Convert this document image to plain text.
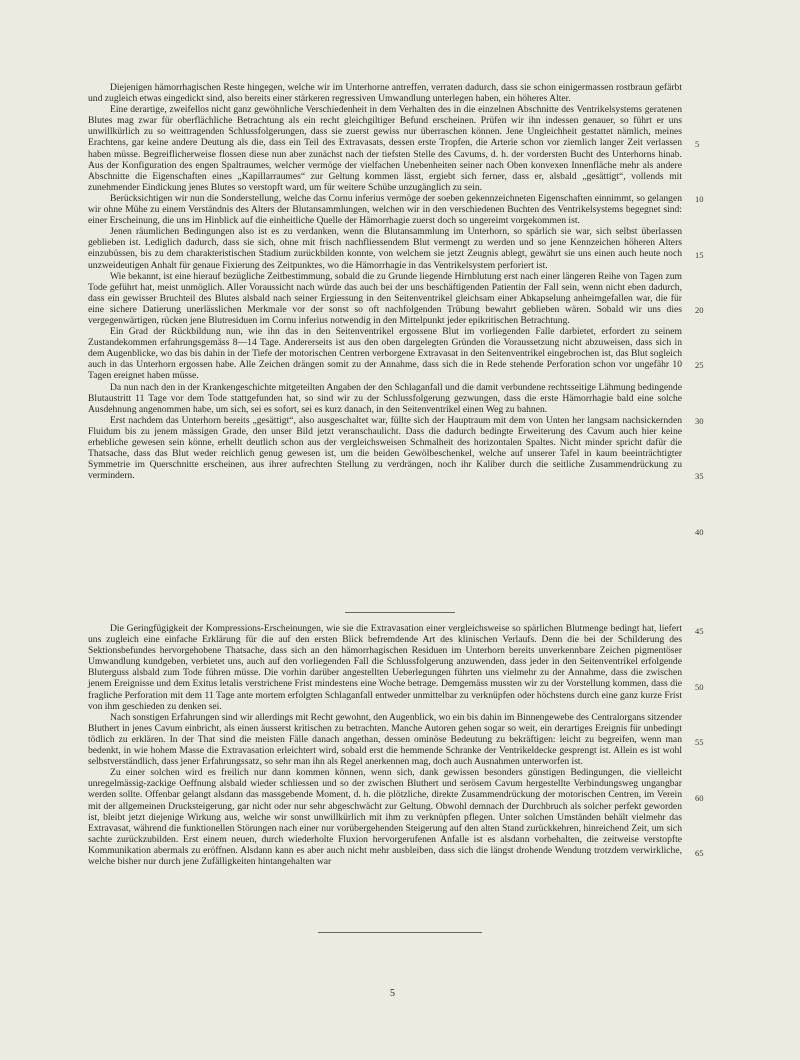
Diejenigen hämorrhagischen Reste hingegen, welche wir im Unterhorne antreffen, verraten dadurch, dass sie schon einigermassen rostbraun gefärbt und zugleich etwas eingedickt sind, also bereits einer stärkeren regressiven Umwandlung unterlegen haben, ein höheres Alter.

Eine derartige, zweifellos nicht ganz gewöhnliche Verschiedenheit in dem Verhalten des in die einzelnen Abschnitte des Ventrikelsystems geratenen Blutes mag zwar für oberflächliche Betrachtung als ein recht gleichgiltiger Befund erscheinen. Prüfen wir ihn indessen genauer, so führt er uns unwillkürlich zu so weittragenden Schlussfolgerungen, dass sie zuerst gewiss nur überraschen können. Jene Ungleichheit gestattet nämlich, meines Erachtens, gar keine andere Deutung als die, dass ein Teil des Extravasats, dessen erste Tropfen, die Arterie schon vor ziemlich langer Zeit verlassen haben müsse. Begreiflicherweise flossen diese nun aber zunächst nach der tiefsten Stelle des Cavums, d. h. der vordersten Bucht des Unterhorns hinab. Aus der Konfiguration des engen Spaltraumes, welcher vermöge der vielfachen Unebenheiten seiner nach Oben konvexen Innenfläche mehr als andere Abschnitte die Eigenschaften eines „Kapillarraumes“ zur Geltung kommen lässt, ergiebt sich ferner, dass er, alsbald „gesättigt“, vollends mit zunehmender Eindickung jenes Blutes so verstopft ward, um für weitere Schübe unzugänglich zu sein.

Berücksichtigen wir nun die Sonderstellung, welche das Cornu inferius vermöge der soeben gekennzeichneten Eigenschaften einnimmt, so gelangen wir ohne Mühe zu einem Verständnis des Alters der Blutansammlungen, welchen wir in den verschiedenen Buchten des Ventrikelsystems begegnet sind: einer Erscheinung, die uns im Hinblick auf die einheitliche Quelle der Hämorrhagie zuerst doch so ungereimt vorgekommen ist.

Jenen räumlichen Bedingungen also ist es zu verdanken, wenn die Blutansammlung im Unterhorn, so spärlich sie war, sich selbst überlassen geblieben ist. Lediglich dadurch, dass sie sich, ohne mit frisch nachfliessendem Blut vermengt zu werden und so jene Kennzeichen höheren Alters einzubüssen, bis zu dem charakteristischen Stadium zurückbilden konnte, von welchem sie jetzt Zeugnis ablegt, gewährt sie uns einen auch heute noch unzweideutigen Anhalt für genaue Fixierung des Zeitpunktes, wo die Hämorrhagie in das Ventrikelsystem perforiert ist.

Wie bekannt, ist eine hierauf bezügliche Zeitbestimmung, sobald die zu Grunde liegende Hirnblutung erst nach einer längeren Reihe von Tagen zum Tode geführt hat, meist unmöglich. Aller Voraussicht nach würde das auch bei der uns beschäftigenden Patientin der Fall sein, wenn nicht eben dadurch, dass ein gewisser Bruchteil des Blutes alsbald nach seiner Ergiessung in den Seitenventrikel gleichsam einer Abkapselung anheimgefallen war, die für eine sichere Datierung unerlässlichen Merkmale vor der sonst so oft nachfolgenden Trübung bewahrt geblieben wären. Sobald wir uns dies vergegenwärtigen, rücken jene Blutresiduen im Cornu inferius notwendig in den Mittelpunkt jeder epikritischen Betrachtung.

Ein Grad der Rückbildung nun, wie ihn das in den Seitenventrikel ergossene Blut im vorliegenden Falle darbietet, erfordert zu seinem Zustandekommen erfahrungsgemäss 8—14 Tage. Andererseits ist aus den oben dargelegten Gründen die Voraussetzung nicht abzuweisen, dass sich in dem Augenblicke, wo das bis dahin in der Tiefe der motorischen Centren verborgene Extravasat in den Seitenventrikel eingebrochen ist, das Blut sogleich auch in das Unterhorn ergossen habe. Alle Zeichen drängen somit zu der Annahme, dass sich die in Rede stehende Perforation schon vor ungefähr 10 Tagen ereignet haben müsse.

Da nun nach den in der Krankengeschichte mitgeteilten Angaben der den Schlaganfall und die damit verbundene rechtsseitige Lähmung bedingende Blutaustritt 11 Tage vor dem Tode stattgefunden hat, so sind wir zu der Schlussfolgerung gezwungen, dass die erste Hämorrhagie bald eine solche Ausdehnung angenommen habe, um sich, sei es sofort, sei es kurz danach, in den Seitenventrikel einen Weg zu bahnen.

Erst nachdem das Unterhorn bereits „gesättigt“, also ausgeschaltet war, füllte sich der Hauptraum mit dem von Unten her langsam nachsickernden Fluidum bis zu jenem mässigen Grade, den unser Bild jetzt veranschaulicht. Dass die dadurch bedingte Erweiterung des Cavum auch hier keine erhebliche gewesen sein könne, erhellt deutlich schon aus der vergleichsweisen Schmalheit des horizontalen Spaltes. Nicht minder spricht dafür die Thatsache, dass das Blut weder reichlich genug gewesen ist, um die beiden Gewölbeschenkel, welche auf unserer Tafel in kaum beeinträchtigter Symmetrie im Querschnitte erscheinen, aus ihrer aufrechten Stellung zu verdrängen, noch ihr Kaliber durch die seitliche Zusammendrückung zu vermindern.

Die Geringfügigkeit der Kompressions-Erscheinungen, wie sie die Extravasation einer vergleichsweise so spärlichen Blutmenge bedingt hat, liefert uns zugleich eine einfache Erklärung für die auf den ersten Blick befremdende Art des klinischen Verlaufs. Denn die bei der Schilderung des Sektionsbefundes hervorgehobene Thatsache, dass sich an den hämorrhagischen Residuen im Unterhorn bereits unverkennbare Zeichen pigmentöser Umwandlung kundgeben, verbietet uns, auch auf den vorliegenden Fall die Schlussfolgerung anzuwenden, dass jeder in den Seitenventrikel erfolgende Bluterguss alsbald zum Tode führen müsse. Die vorhin darüber angestellten Ueberlegungen führten uns vielmehr zu der Annahme, dass die zwischen jenem Ereignisse und dem Exitus letalis verstrichene Frist mindestens eine Woche betrage. Demgemäss mussten wir zu der Vorstellung kommen, dass die fragliche Perforation mit dem 11 Tage ante mortem erfolgten Schlaganfall entweder unmittelbar zu verknüpfen oder höchstens durch eine ganz kurze Frist von ihm geschieden zu denken sei.

Nach sonstigen Erfahrungen sind wir allerdings mit Recht gewohnt, den Augenblick, wo ein bis dahin im Binnengewebe des Centralorgans sitzender Bluthert in jenes Cavum einbricht, als einen äusserst kritischen zu betrachten. Manche Autoren gehen sogar so weit, ein derartiges Ereignis für unbedingt tödlich zu erklären. In der That sind die meisten Fälle danach angethan, dessen ominöse Bedeutung zu bekräftigen: leicht zu begreifen, wenn man bedenkt, in wie hohem Masse die Extravasation erleichtert wird, sobald erst die hemmende Schranke der Ventrikeldecke gesprengt ist. Allein es ist wohl selbstverständlich, dass jener Erfahrungssatz, so sehr man ihn als Regel anerkennen mag, doch auch Ausnahmen unterworfen ist.

Zu einer solchen wird es freilich nur dann kommen können, wenn sich, dank gewissen besonders günstigen Bedingungen, die vielleicht unregelmässig-zackige Oeffnung alsbald wieder schliessen und so der zwischen Bluthert und serösem Cavum hergestellte Verbindungsweg ungangbar werden sollte. Offenbar gelangt alsdann das massgebende Moment, d. h. die plötzliche, direkte Zusammendrückung der motorischen Centren, im Verein mit der allgemeinen Drucksteigerung, gar nicht oder nur sehr abgeschwächt zur Geltung. Obwohl demnach der Durchbruch als solcher perfekt geworden ist, bleibt jetzt diejenige Wirkung aus, welche wir sonst unwillkürlich mit ihm zu verknüpfen pflegen. Unter solchen Umständen behält vielmehr das Extravasat, während die funktionellen Störungen nach einer nur vorübergehenden Steigerung auf den alten Stand zurückkehren, hinreichend Zeit, um sich sachte zurückzubilden. Erst einem neuen, durch wiederholte Fluxion hervorgerufenen Anfalle ist es alsdann vorbehalten, die zeitweise verstopfte Kommunikation abermals zu eröffnen. Alsdann kann es aber auch nicht mehr ausbleiben, dass sich die längst drohende Wendung trotzdem verwirkliche, welche bisher nur durch jene Zufälligkeiten hintangehalten war

5
10
15
20
25
30
35
40
45
50
55
60
65
5
